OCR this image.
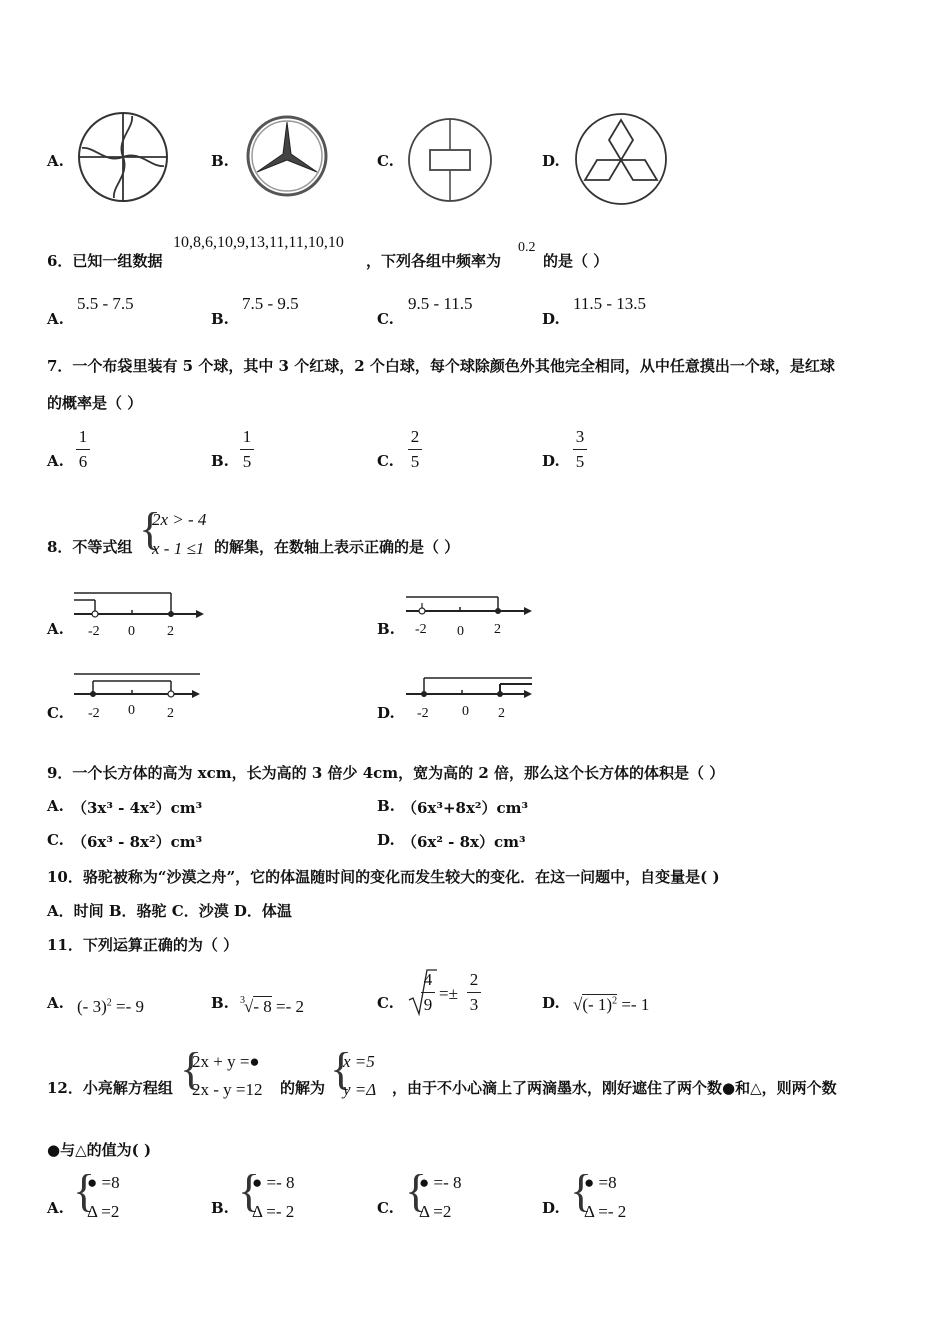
A.	B.	C.	D.
6．已知一组数据
10,8,6,10,9,13,11,11,10,10
，下列各组中频率为
0.2
的是（ ）
A.
5.5 - 7.5
B.
7.5 - 9.5
C.
9.5 - 11.5
D.
11.5 - 13.5
7．一个布袋里装有 5 个球，其中 3 个红球，2 个白球，每个球除颜色外其他完全相同，从中任意摸出一个球，是红球
的概率是（ ）
A.
1
6	B.
1
5	C.
2
5	D.
3
5
8．不等式组 {
2x > - 4
x - 1 ≤1 的解集，在数轴上表示正确的是（ ）
A. -2 0 2	B. -2 0 2
C. -2 0 2	D. -2 0 2
9．一个长方体的高为 xcm，长为高的 3 倍少 4cm，宽为高的 2 倍，那么这个长方体的体积是（ ）
A. （3x³ - 4x²）cm³	B. （6x³+8x²）cm³
C. （6x³ - 8x²）cm³	D. （6x² - 8x）cm³
10．骆驼被称为“沙漠之舟”，它的体温随时间的变化而发生较大的变化．在这一问题中，自变量是( )
A．时间 B．骆驼 C．沙漠 D．体温
11．下列运算正确的为（ ）
A. (- 3)$^2$ =- 9	B. 3 √- 8 =- 2	C.
4
9
=±
2
3	D. √(- 1)$^2$ =- 1
12．小亮解方程组 {
2x + y =●
2x - y =12 的解为 {
x =5
y =Δ ，由于不小心滴上了两滴墨水，刚好遮住了两个数●和△，则两个数
●与△的值为( )
A. {
● =8
Δ =2	B. {
● =- 8
Δ =- 2	C. {
● =- 8
Δ =2	D. {
● =8
Δ =- 2
